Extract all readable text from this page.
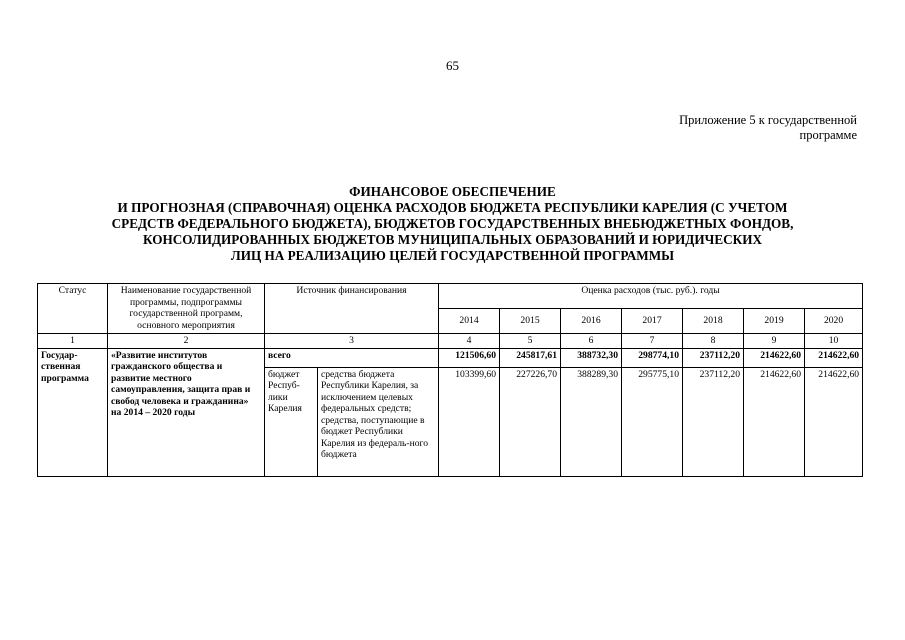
65
Приложение 5 к государственной
программе
ФИНАНСОВОЕ ОБЕСПЕЧЕНИЕ
И ПРОГНОЗНАЯ (СПРАВОЧНАЯ) ОЦЕНКА РАСХОДОВ БЮДЖЕТА РЕСПУБЛИКИ КАРЕЛИЯ (С УЧЕТОМ
СРЕДСТВ ФЕДЕРАЛЬНОГО БЮДЖЕТА), БЮДЖЕТОВ ГОСУДАРСТВЕННЫХ ВНЕБЮДЖЕТНЫХ ФОНДОВ,
КОНСОЛИДИРОВАННЫХ БЮДЖЕТОВ МУНИЦИПАЛЬНЫХ ОБРАЗОВАНИЙ И ЮРИДИЧЕСКИХ
ЛИЦ НА РЕАЛИЗАЦИЮ ЦЕЛЕЙ ГОСУДАРСТВЕННОЙ ПРОГРАММЫ
Статус	Наименование государственной программы, подпрограммы государственной программ, основного мероприятия	Источник финансирования		Оценка расходов (тыс. руб.). годы						
				2014	2015	2016	2017	2018	2019	2020
1	2	3		4	5	6	7	8	9	10
Государ-ственная программа	«Развитие институтов гражданского общества и развитие местного самоуправления, защита прав и свобод человека и гражданина» на 2014 – 2020 годы	всего		121506,60	245817,61	388732,30	298774,10	237112,20	214622,60	214622,60
		бюджет Респуб-лики Карелия	средства бюджета Республики Карелия, за исключением целевых федеральных средств; средства, поступающие в бюджет Республики Карелия из федераль-ного бюджета	103399,60	227226,70	388289,30	295775,10	237112,20	214622,60	214622,60
